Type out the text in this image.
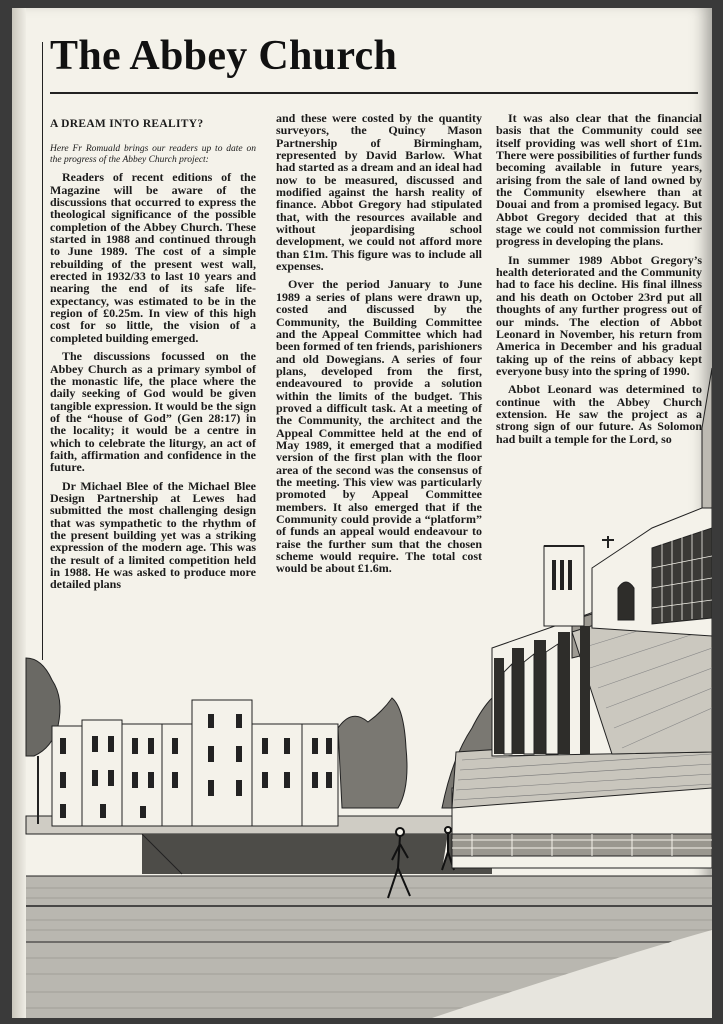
The Abbey Church
A DREAM INTO REALITY?

Here Fr Romuald brings our readers up to date on the progress of the Abbey Church project:

Readers of recent editions of the Magazine will be aware of the discussions that occurred to express the theological significance of the possible completion of the Abbey Church. These started in 1988 and continued through to June 1989. The cost of a simple rebuilding of the present west wall, erected in 1932/33 to last 10 years and nearing the end of its safe life-expectancy, was estimated to be in the region of £0.25m. In view of this high cost for so little, the vision of a completed building emerged.

The discussions focussed on the Abbey Church as a primary symbol of the monastic life, the place where the daily seeking of God would be given tangible expression. It would be the sign of the “house of God” (Gen 28:17) in the locality; it would be a centre in which to celebrate the liturgy, an act of faith, affirmation and confidence in the future.

Dr Michael Blee of the Michael Blee Design Partnership at Lewes had submitted the most challenging design that was sympathetic to the rhythm of the present building yet was a striking expression of the modern age. This was the result of a limited competition held in 1988. He was asked to produce more detailed plans

and these were costed by the quantity surveyors, the Quincy Mason Partnership of Birmingham, represented by David Barlow. What had started as a dream and an ideal had now to be measured, discussed and modified against the harsh reality of finance. Abbot Gregory had stipulated that, with the resources available and without jeopardising school development, we could not afford more than £1m. This figure was to include all expenses.

Over the period January to June 1989 a series of plans were drawn up, costed and discussed by the Community, the Building Committee and the Appeal Committee which had been formed of ten friends, parishioners and old Dowegians. A series of four plans, developed from the first, endeavoured to provide a solution within the limits of the budget. This proved a difficult task. At a meeting of the Community, the architect and the Appeal Committee held at the end of May 1989, it emerged that a modified version of the first plan with the floor area of the second was the consensus of the meeting. This view was particularly promoted by Appeal Committee members. It also emerged that if the Community could provide a “platform” of funds an appeal would endeavour to raise the further sum that the chosen scheme would require. The total cost would be about £1.6m.

It was also clear that the financial basis that the Community could see itself providing was well short of £1m. There were possibilities of further funds becoming available in future years, arising from the sale of land owned by the Community elsewhere than at Douai and from a promised legacy. But Abbot Gregory decided that at this stage we could not commission further progress in developing the plans.

In summer 1989 Abbot Gregory’s health deteriorated and the Community had to face his decline. His final illness and his death on October 23rd put all thoughts of any further progress out of our minds. The election of Abbot Leonard in November, his return from America in December and his gradual taking up of the reins of abbacy kept everyone busy into the spring of 1990.

Abbot Leonard was determined to continue with the Abbey Church extension. He saw the project as a strong sign of our future. As Solomon had built a temple for the Lord, so
